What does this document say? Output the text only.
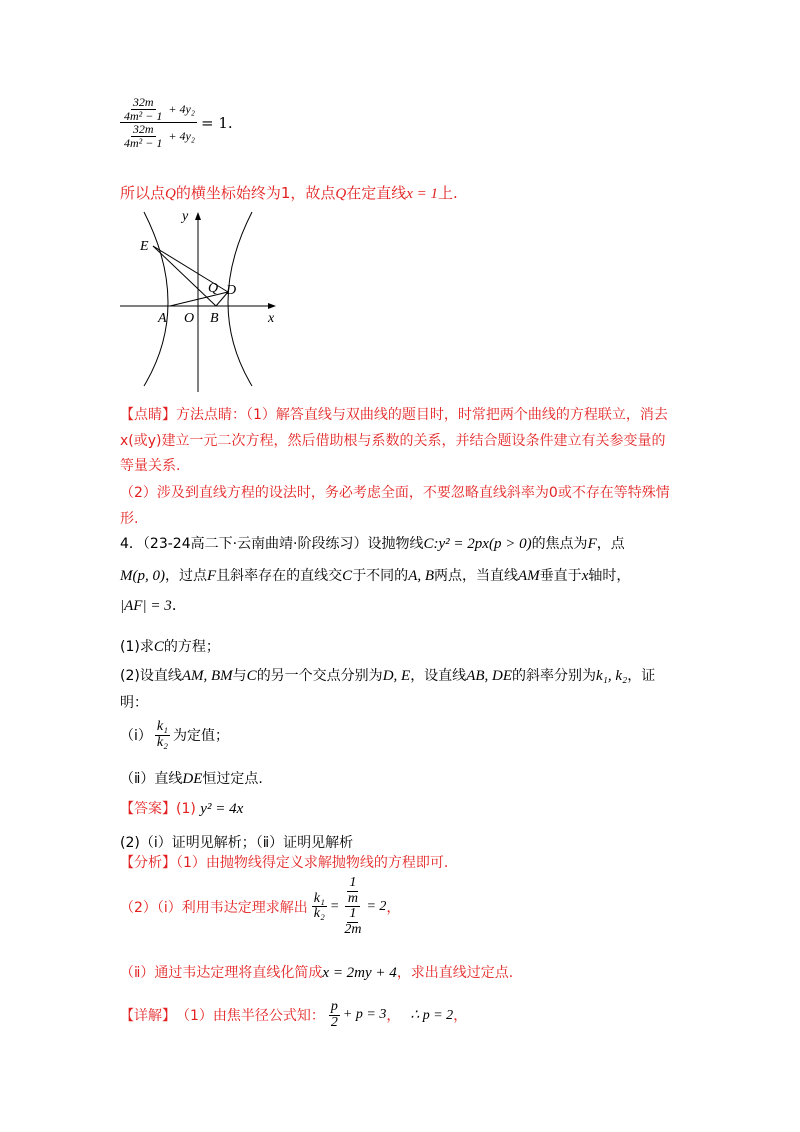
$\frac{\frac{32m}{\text{4m² − 1}} + 4y_2}{\frac{32m}{\text{4m² − 1}} + 4y_2} = 1$.
所以点Q的横坐标始终为1，故点Q在定直线x = 1上.
y
x
E
Q D
A O B
【点睛】方法点睛：（1）解答直线与双曲线的题目时，时常把两个曲线的方程联立，消去
x(或y)建立一元二次方程，然后借助根与系数的关系，并结合题设条件建立有关参变量的
等量关系.
（2）涉及到直线方程的设法时，务必考虑全面，不要忽略直线斜率为0或不存在等特殊情
形.
4．（23-24高二下·云南曲靖·阶段练习）设抛物线C:y² = 2px(p > 0)的焦点为F，点
M(p, 0)，过点F且斜率存在的直线交C于不同的A, B两点，当直线AM垂直于x轴时，
|AF| = 3.
(1)求C的方程；
(2)设直线AM, BM与C的另一个交点分别为D, E，设直线AB, DE的斜率分别为k₁, k₂，证
明：
（ⅰ） $\frac{\text{k₁}}{\text{k₂}}$ 为定值；
（ⅱ）直线DE恒过定点.
【答案】(1) y² = 4x
(2)（ⅰ）证明见解析；（ⅱ）证明见解析
【分析】（1）由抛物线得定义求解抛物线的方程即可.
（2）（ⅰ）利用韦达定理求解出 $\frac{\text{k₁}}{\text{k₂}} = 1$
m
1
2m = 2 ，
（ⅱ）通过韦达定理将直线化简成x = 2my + 4，求出直线过定点.
【详解】 （1）由焦半径公式知： $\frac{p}{2} + p = 3$ ， ∴ p = 2 ，
